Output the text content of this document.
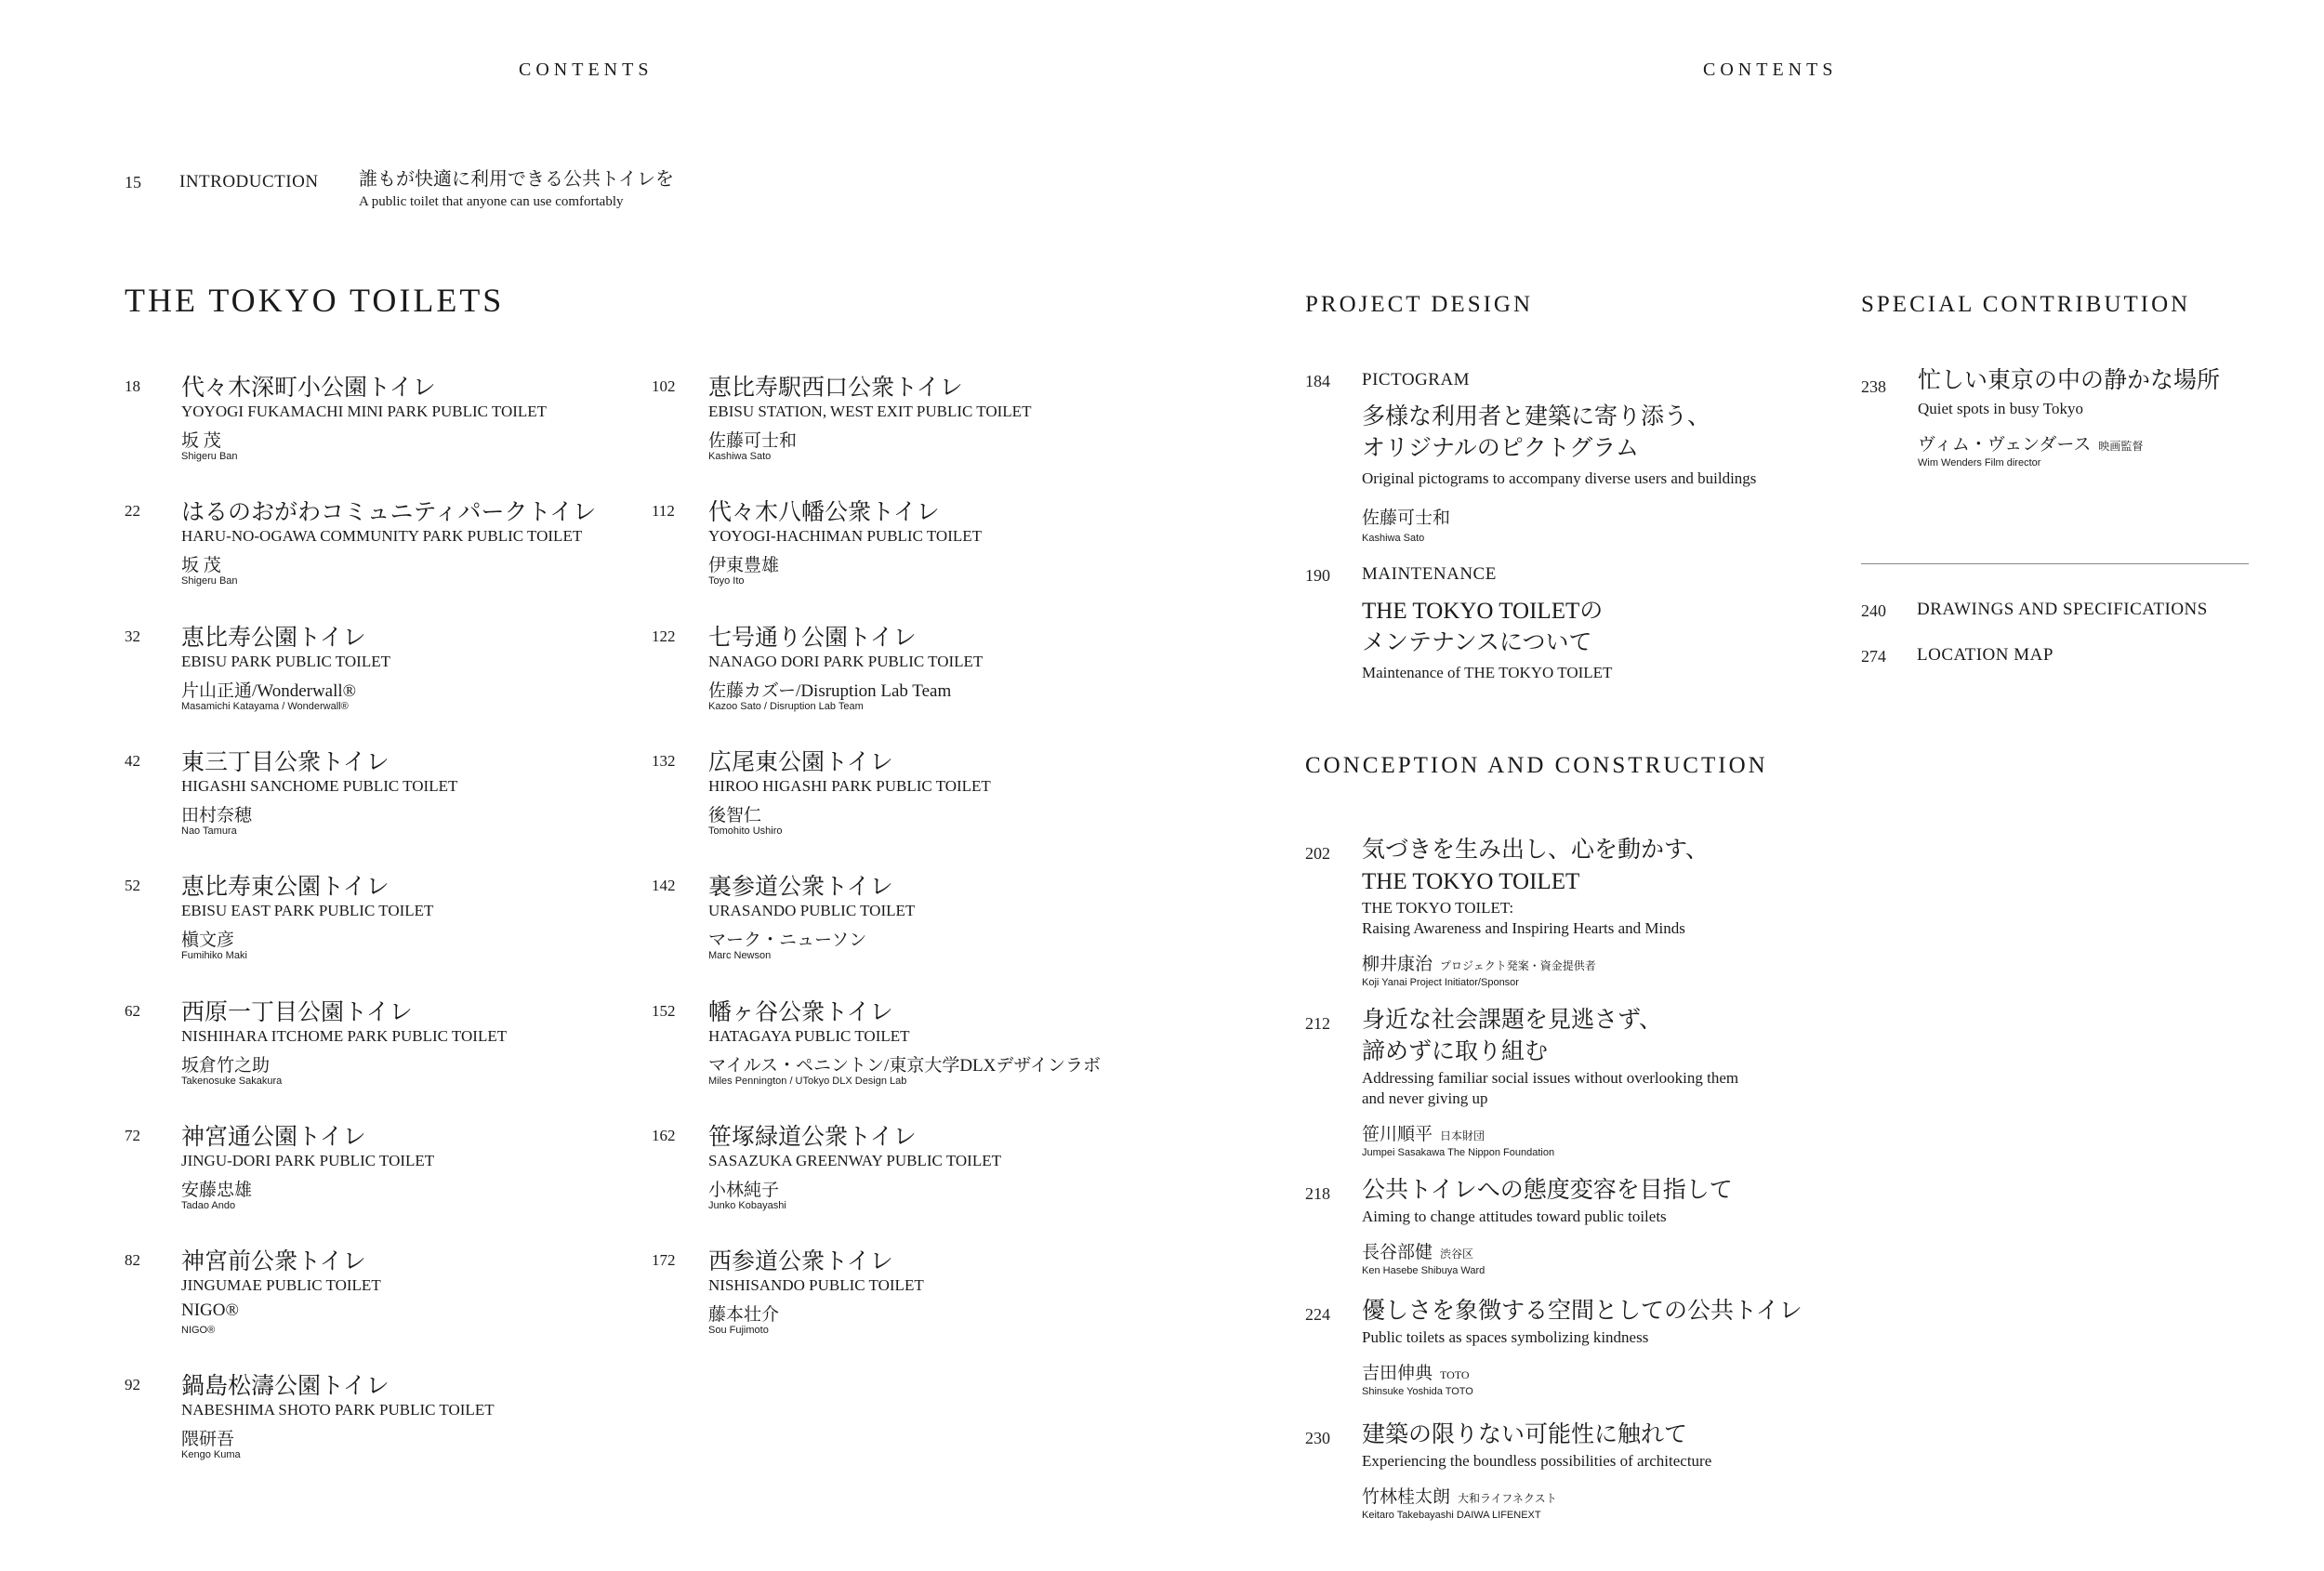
CONTENTS	CONTENTS
15 INTRODUCTION 誰もが快適に利用できる公共トイレを
A public toilet that anyone can use comfortably
THE TOKYO TOILETS
18 代々木深町小公園トイレ
YOYOGI FUKAMACHI MINI PARK PUBLIC TOILET
坂 茂
Shigeru Ban
22 はるのおがわコミュニティパークトイレ
HARU-NO-OGAWA COMMUNITY PARK PUBLIC TOILET
坂 茂
Shigeru Ban
32 恵比寿公園トイレ
EBISU PARK PUBLIC TOILET
片山正通/Wonderwall®
Masamichi Katayama / Wonderwall®
42 東三丁目公衆トイレ
HIGASHI SANCHOME PUBLIC TOILET
田村奈穂
Nao Tamura
52 恵比寿東公園トイレ
EBISU EAST PARK PUBLIC TOILET
槇文彦
Fumihiko Maki
62 西原一丁目公園トイレ
NISHIHARA ITCHOME PARK PUBLIC TOILET
坂倉竹之助
Takenosuke Sakakura
72 神宮通公園トイレ
JINGU-DORI PARK PUBLIC TOILET
安藤忠雄
Tadao Ando
82 神宮前公衆トイレ
JINGUMAE PUBLIC TOILET
NIGO®
NIGO®
92 鍋島松濤公園トイレ
NABESHIMA SHOTO PARK PUBLIC TOILET
隈研吾
Kengo Kuma
102 恵比寿駅西口公衆トイレ
EBISU STATION, WEST EXIT PUBLIC TOILET
佐藤可士和
Kashiwa Sato
112 代々木八幡公衆トイレ
YOYOGI-HACHIMAN PUBLIC TOILET
伊東豊雄
Toyo Ito
122 七号通り公園トイレ
NANAGO DORI PARK PUBLIC TOILET
佐藤カズー/Disruption Lab Team
Kazoo Sato / Disruption Lab Team
132 広尾東公園トイレ
HIROO HIGASHI PARK PUBLIC TOILET
後智仁
Tomohito Ushiro
142 裏参道公衆トイレ
URASANDO PUBLIC TOILET
マーク・ニューソン
Marc Newson
152 幡ヶ谷公衆トイレ
HATAGAYA PUBLIC TOILET
マイルス・ペニントン/東京大学DLXデザインラボ
Miles Pennington / UTokyo DLX Design Lab
162 笹塚緑道公衆トイレ
SASAZUKA GREENWAY PUBLIC TOILET
小林純子
Junko Kobayashi
172 西参道公衆トイレ
NISHISANDO PUBLIC TOILET
藤本壮介
Sou Fujimoto
PROJECT DESIGN
184 PICTOGRAM
多様な利用者と建築に寄り添う、
オリジナルのピクトグラム
Original pictograms to accompany diverse users and buildings
佐藤可士和
Kashiwa Sato
190 MAINTENANCE
THE TOKYO TOILETの
メンテナンスについて
Maintenance of THE TOKYO TOILET
CONCEPTION AND CONSTRUCTION
202 気づきを生み出し、心を動かす、
THE TOKYO TOILET
THE TOKYO TOILET:
Raising Awareness and Inspiring Hearts and Minds
柳井康治 プロジェクト発案・資金提供者
Koji Yanai Project Initiator/Sponsor
212 身近な社会課題を見逃さず、
諦めずに取り組む
Addressing familiar social issues without overlooking them
and never giving up
笹川順平 日本財団
Jumpei Sasakawa The Nippon Foundation
218 公共トイレへの態度変容を目指して
Aiming to change attitudes toward public toilets
長谷部健 渋谷区
Ken Hasebe Shibuya Ward
224 優しさを象徴する空間としての公共トイレ
Public toilets as spaces symbolizing kindness
吉田伸典 TOTO
Shinsuke Yoshida TOTO
230 建築の限りない可能性に触れて
Experiencing the boundless possibilities of architecture
竹林桂太朗 大和ライフネクスト
Keitaro Takebayashi DAIWA LIFENEXT
SPECIAL CONTRIBUTION
238 忙しい東京の中の静かな場所
Quiet spots in busy Tokyo
ヴィム・ヴェンダース 映画監督
Wim Wenders Film director
240 DRAWINGS AND SPECIFICATIONS
274 LOCATION MAP
